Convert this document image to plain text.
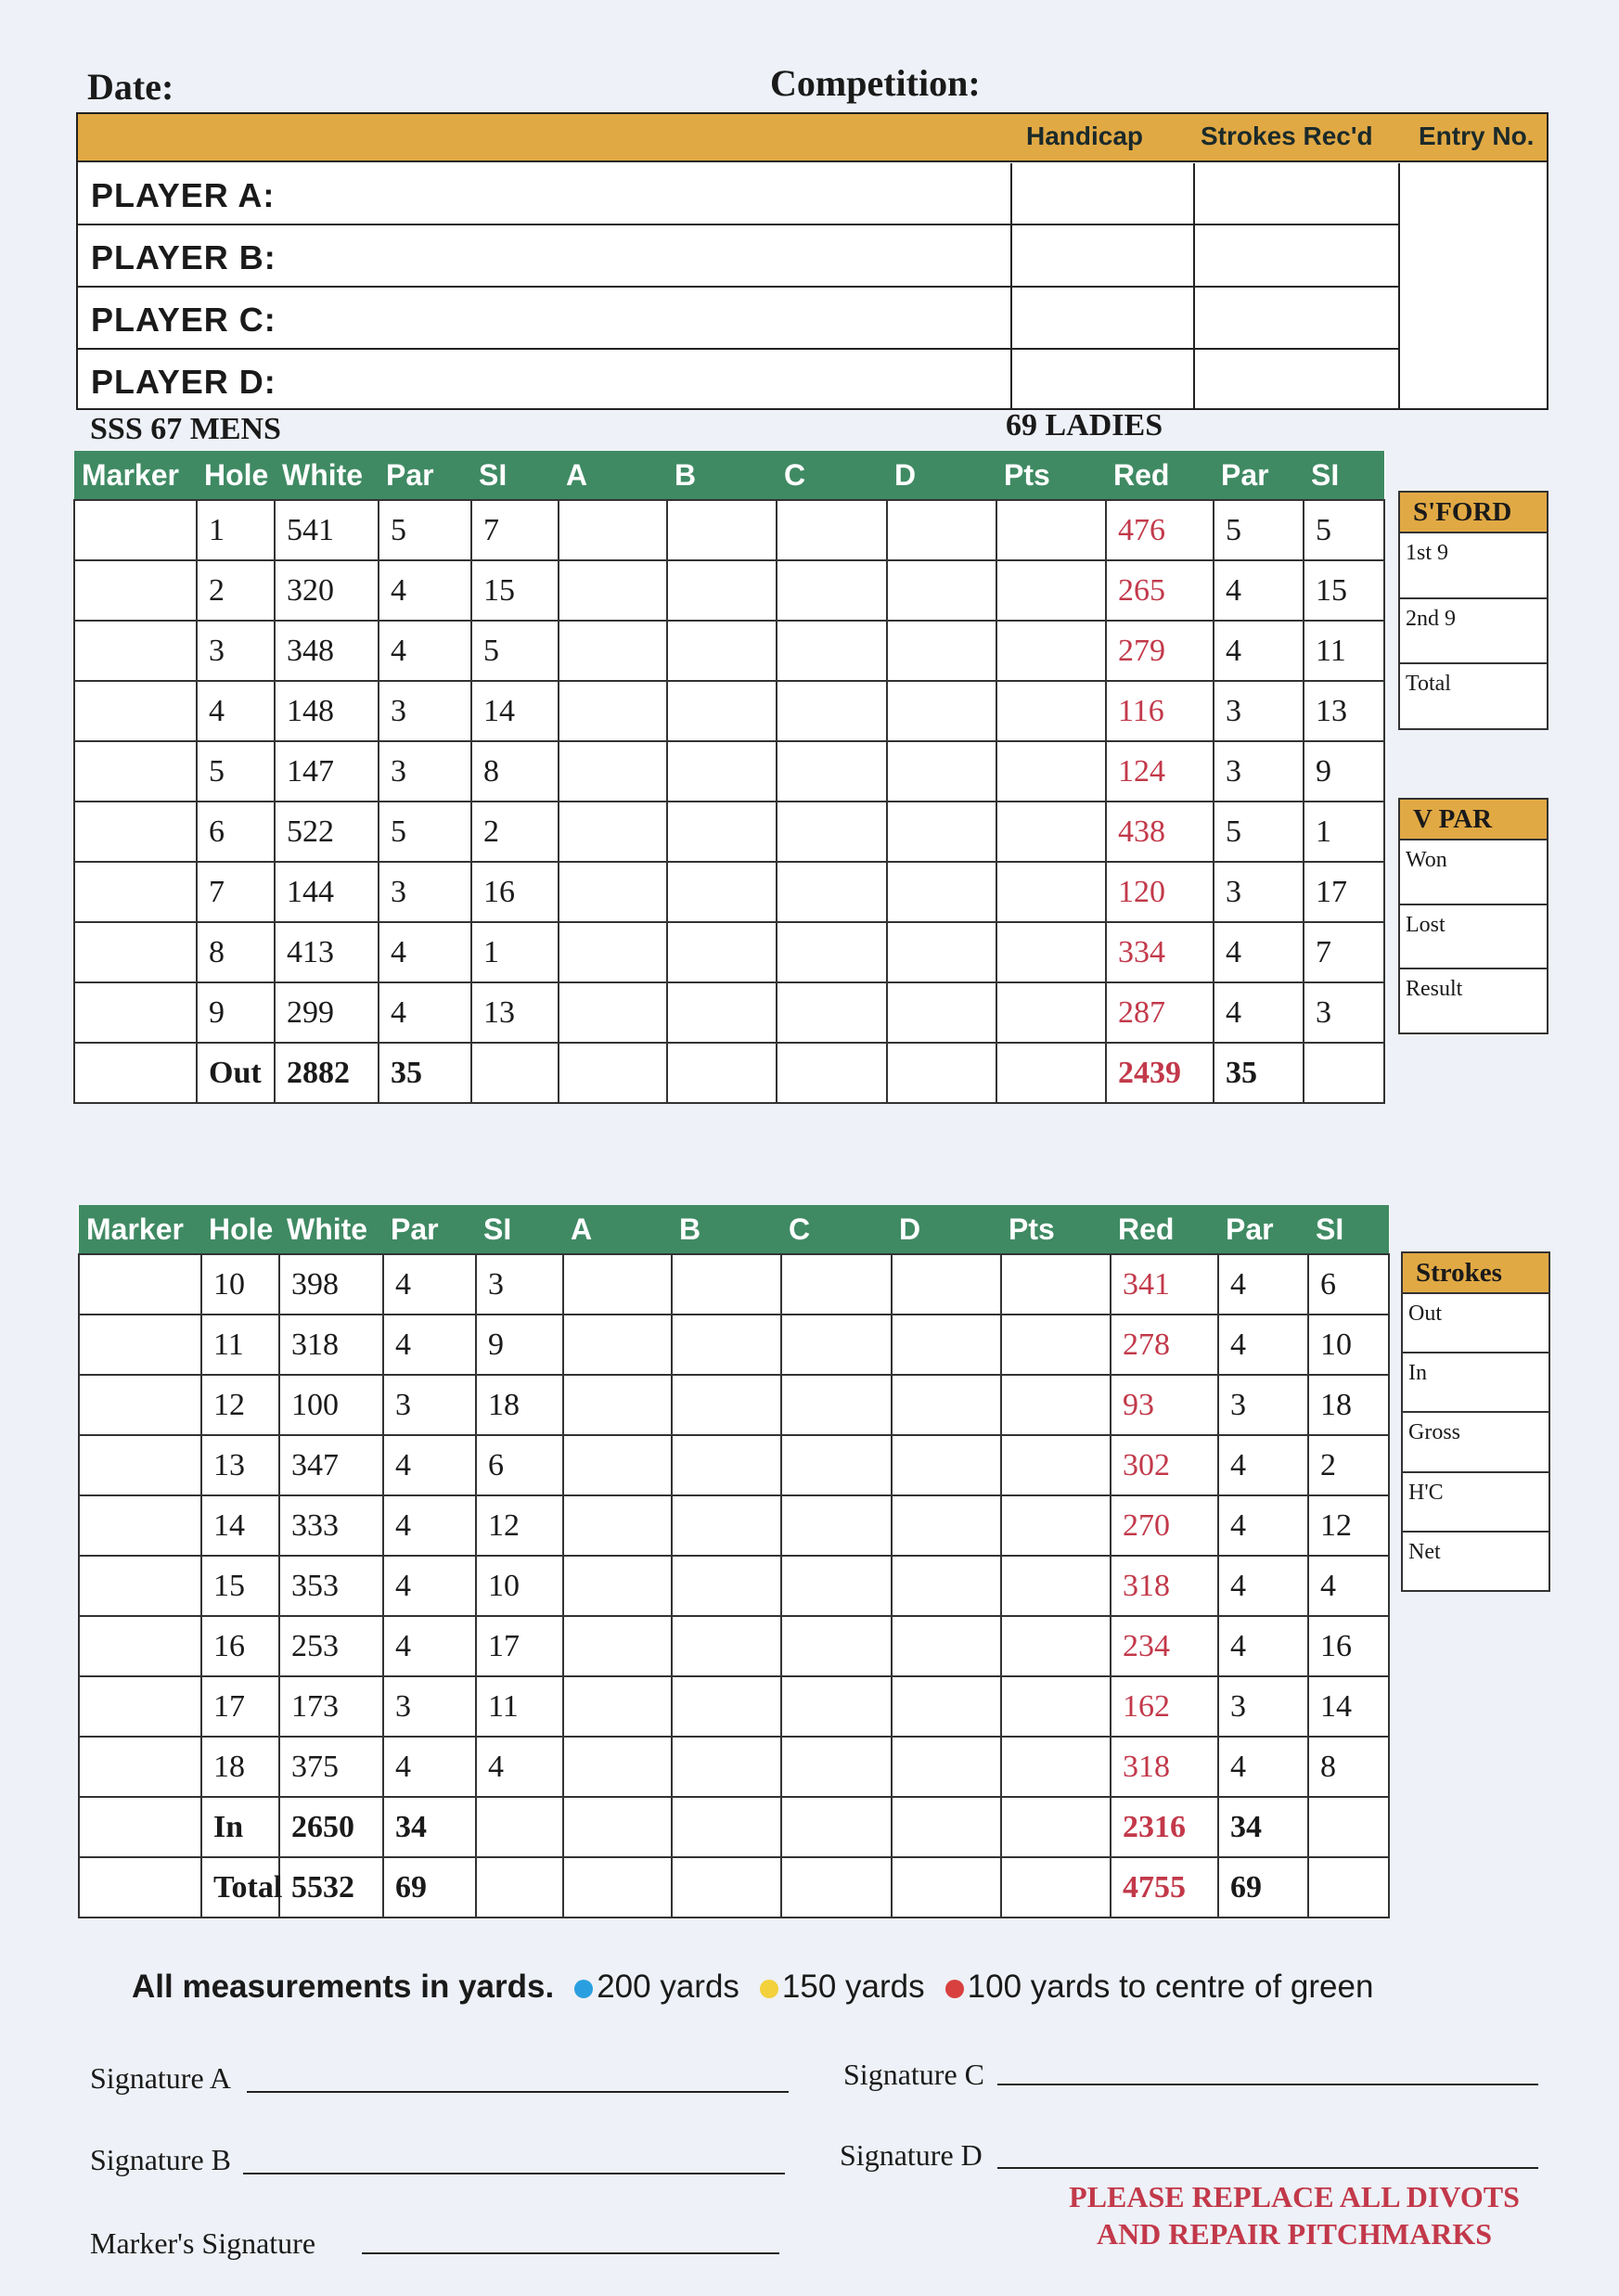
Date:	Competition:
Handicap Strokes Rec'd Entry No.
PLAYER A:
PLAYER B:
PLAYER C:
PLAYER D:
SSS 67 MENS	69 LADIES
Marker	Hole	White	Par	SI	A	B	C	D	Pts	Red	Par	SI
	1	541	5	7						476	5	5
	2	320	4	15						265	4	15
	3	348	4	5						279	4	11
	4	148	3	14						116	3	13
	5	147	3	8						124	3	9
	6	522	5	2						438	5	1
	7	144	3	16						120	3	17
	8	413	4	1						334	4	7
	9	299	4	13						287	4	3
	Out	2882	35							2439	35	
Marker	Hole	White	Par	SI	A	B	C	D	Pts	Red	Par	SI
	10	398	4	3						341	4	6
	11	318	4	9						278	4	10
	12	100	3	18						93	3	18
	13	347	4	6						302	4	2
	14	333	4	12						270	4	12
	15	353	4	10						318	4	4
	16	253	4	17						234	4	16
	17	173	3	11						162	3	14
	18	375	4	4						318	4	8
	In	2650	34							2316	34	
	Total	5532	69							4755	69	
S'FORD
1st 9
2nd 9
Total
V PAR
Won
Lost
Result
Strokes
Out
In
Gross
H'C
Net
All measurements in yards. 200 yards 150 yards 100 yards to centre of green
Signature A	Signature C
Signature B	Signature D
Marker's Signature
PLEASE REPLACE ALL DIVOTS
AND REPAIR PITCHMARKS
